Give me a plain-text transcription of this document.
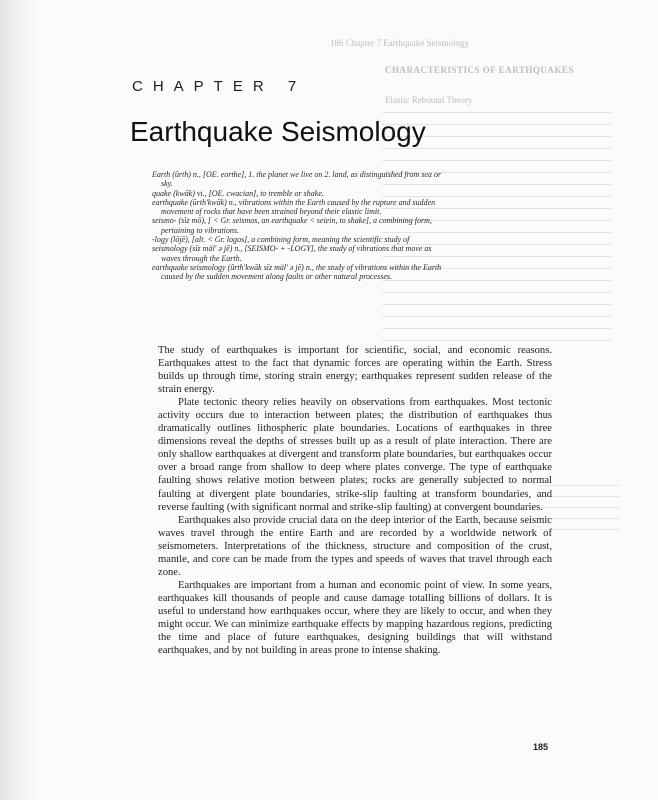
186 Chapter 7 Earthquake Seismology
CHARACTERISTICS OF EARTHQUAKES
Elastic Rebound Theory
CHAPTER 7
Earthquake Seismology

Earth (ûrth) n., [OE. eorthe], 1. the planet we live on 2. land, as distinguished from sea or sky.

quake (kwāk) vi., [OE. cwacian], to tremble or shake.

earthquake (ûrth'kwāk) n., vibrations within the Earth caused by the rupture and sudden movement of rocks that have been strained beyond their elastic limit.

seismo- (sīz mō), [ < Gr. seismos, an earthquake < seiein, to shake], a combining form, pertaining to vibrations.

-logy (lōjē), [alt. < Gr. logos], a combining form, meaning the scientific study of

seismology (sīz mäl' ə jē) n., [SEISMO- + -LOGY], the study of vibrations that move as waves through the Earth.

earthquake seismology (ûrth'kwāk sīz mäl' ə jē) n., the study of vibrations within the Earth caused by the sudden movement along faults or other natural processes.

The study of earthquakes is important for scientific, social, and economic reasons. Earthquakes attest to the fact that dynamic forces are operating within the Earth. Stress builds up through time, storing strain energy; earthquakes represent sudden release of the strain energy.

Plate tectonic theory relies heavily on observations from earthquakes. Most tectonic activity occurs due to interaction between plates; the distribution of earthquakes thus dramatically outlines lithospheric plate boundaries. Locations of earthquakes in three dimensions reveal the depths of stresses built up as a result of plate interaction. There are only shallow earthquakes at divergent and transform plate boundaries, but earthquakes occur over a broad range from shallow to deep where plates converge. The type of earthquake faulting shows relative motion between plates; rocks are generally subjected to normal faulting at divergent plate boundaries, strike-slip faulting at transform boundaries, and reverse faulting (with significant normal and strike-slip faulting) at convergent boundaries.

Earthquakes also provide crucial data on the deep interior of the Earth, because seismic waves travel through the entire Earth and are recorded by a worldwide network of seismometers. Interpretations of the thickness, structure and composition of the crust, mantle, and core can be made from the types and speeds of waves that travel through each zone.

Earthquakes are important from a human and economic point of view. In some years, earthquakes kill thousands of people and cause damage totalling billions of dollars. It is useful to understand how earthquakes occur, where they are likely to occur, and when they might occur. We can minimize earthquake effects by mapping hazardous regions, predicting the time and place of future earthquakes, designing buildings that will withstand earthquakes, and by not building in areas prone to intense shaking.

185
